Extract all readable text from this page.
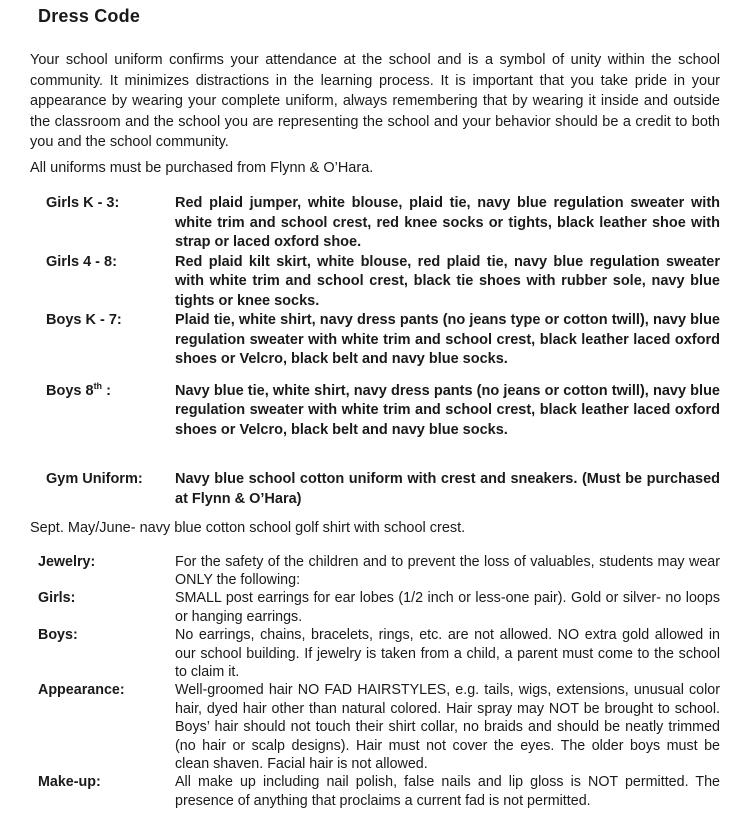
Dress Code

Your school uniform confirms your attendance at the school and is a symbol of unity within the school community. It minimizes distractions in the learning process. It is important that you take pride in your appearance by wearing your complete uniform, always remembering that by wearing it inside and outside the classroom and the school you are representing the school and your behavior should be a credit to both you and the school community.

All uniforms must be purchased from Flynn & O’Hara.

Girls K - 3:	Red plaid jumper, white blouse, plaid tie, navy blue regulation sweater with white trim and school crest, red knee socks or tights, black leather shoe with strap or laced oxford shoe.
Girls 4 - 8:	Red plaid kilt skirt, white blouse, red plaid tie, navy blue regulation sweater with white trim and school crest, black tie shoes with rubber sole, navy blue tights or knee socks.
Boys K - 7:	Plaid tie, white shirt, navy dress pants (no jeans type or cotton twill), navy blue regulation sweater with white trim and school crest, black leather laced oxford shoes or Velcro, black belt and navy blue socks.
Boys 8th :	Navy blue tie, white shirt, navy dress pants (no jeans or cotton twill), navy blue regulation sweater with white trim and school crest, black leather laced oxford shoes or Velcro, black belt and navy blue socks.
Gym Uniform:	Navy blue school cotton uniform with crest and sneakers. (Must be purchased at Flynn & O’Hara)

Sept. May/June- navy blue cotton school golf shirt with school crest.

Jewelry:	For the safety of the children and to prevent the loss of valuables, students may wear ONLY the following:
Girls:	SMALL post earrings for ear lobes (1/2 inch or less-one pair). Gold or silver- no loops or hanging earrings.
Boys:	No earrings, chains, bracelets, rings, etc. are not allowed. NO extra gold allowed in our school building. If jewelry is taken from a child, a parent must come to the school to claim it.
Appearance:	Well-groomed hair NO FAD HAIRSTYLES, e.g. tails, wigs, extensions, unusual color hair, dyed hair other than natural colored. Hair spray may NOT be brought to school. Boys’ hair should not touch their shirt collar, no braids and should be neatly trimmed (no hair or scalp designs). Hair must not cover the eyes. The older boys must be clean shaven. Facial hair is not allowed.
Make-up:	All make up including nail polish, false nails and lip gloss is NOT permitted. The presence of anything that proclaims a current fad is not permitted.
